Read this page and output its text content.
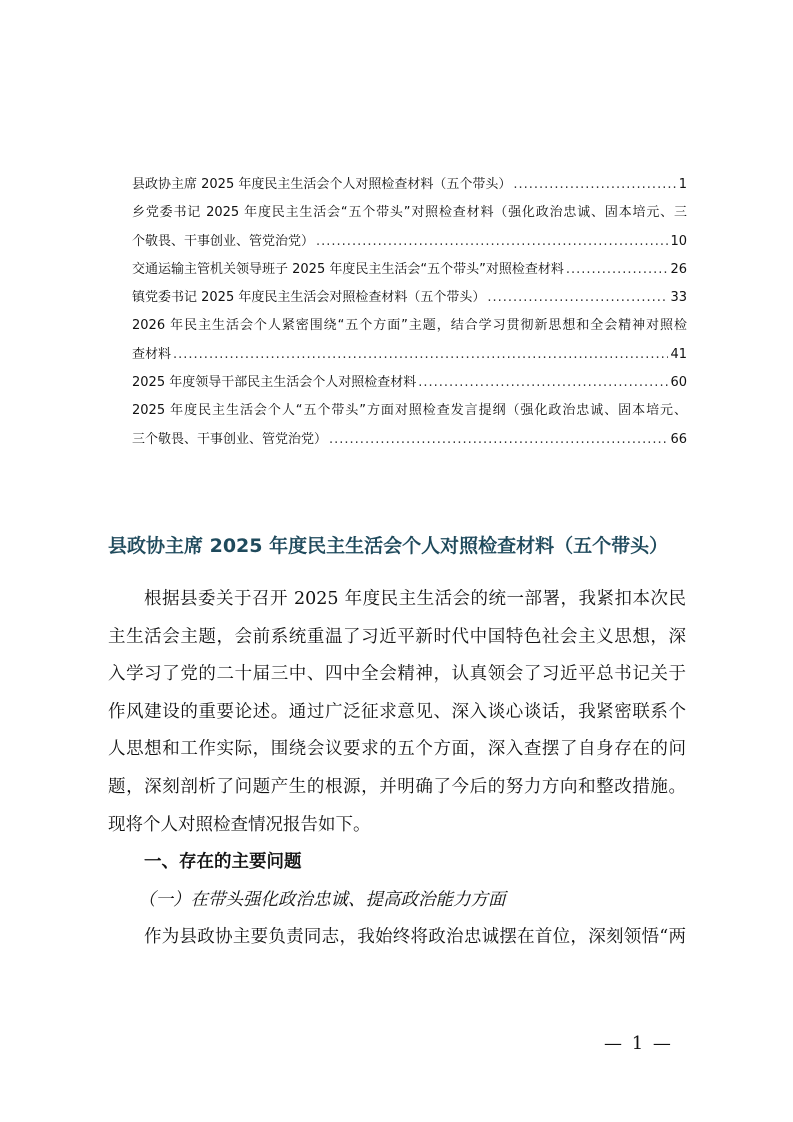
县政协主席 2025 年度民主生活会个人对照检查材料（五个带头） .....	1
乡党委书记 2025 年度民主生活会“五个带头”对照检查材料（强化政治忠诚、固本培元、三
个敬畏、干事创业、管党治党） .....	10
交通运输主管机关领导班子 2025 年度民主生活会“五个带头”对照检查材料 .....	26
镇党委书记 2025 年度民主生活会对照检查材料（五个带头） .....	33
2026 年民主生活会个人紧密围绕“五个方面”主题，结合学习贯彻新思想和全会精神对照检
查材料 .....	41
2025 年度领导干部民主生活会个人对照检查材料 .....	60
2025 年度民主生活会个人“五个带头”方面对照检查发言提纲（强化政治忠诚、固本培元、
三个敬畏、干事创业、管党治党） .....	66
县政协主席 2025 年度民主生活会个人对照检查材料（五个带头）
根据县委关于召开 2025 年度民主生活会的统一部署，我紧扣本次民
主生活会主题，会前系统重温了习近平新时代中国特色社会主义思想，深
入学习了党的二十届三中、四中全会精神，认真领会了习近平总书记关于
作风建设的重要论述。通过广泛征求意见、深入谈心谈话，我紧密联系个
人思想和工作实际，围绕会议要求的五个方面，深入查摆了自身存在的问
题，深刻剖析了问题产生的根源，并明确了今后的努力方向和整改措施。
现将个人对照检查情况报告如下。
一、存在的主要问题
（一）在带头强化政治忠诚、提高政治能力方面
作为县政协主要负责同志，我始终将政治忠诚摆在首位，深刻领悟“两
— 1 —
